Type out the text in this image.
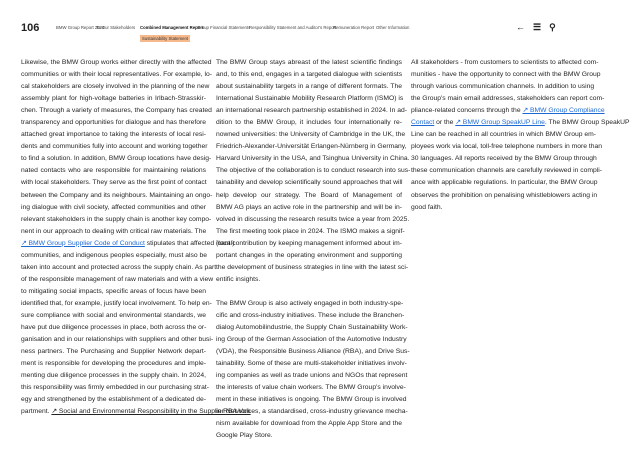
106	BMW Group Report 2024
To Our Stakeholders Combined Management Report
Group Financial Statements
Responsibility Statement and Auditor's Report
Remuneration Report Other Information
Sustainability Statement
← ☰ ⚲
Likewise, the BMW Group works either directly with the affected
communities or with their local representatives. For example, lo-
cal stakeholders are closely involved in the planning of the new
assembly plant for high-voltage batteries in Irlbach-Strasskir-
chen. Through a variety of measures, the Company has created
transparency and opportunities for dialogue and has therefore
attached great importance to taking the interests of local resi-
dents and communities fully into account and working together
to find a solution. In addition, BMW Group locations have desig-
nated contacts who are responsible for maintaining relations
with local stakeholders. They serve as the first point of contact
between the Company and its neighbours. Maintaining an ongo-
ing dialogue with civil society, affected communities and other
relevant stakeholders in the supply chain is another key compo-
nent in our approach to dealing with critical raw materials. The
↗ BMW Group Supplier Code of Conduct stipulates that affected (local)
communities, and indigenous peoples especially, must also be
taken into account and protected across the supply chain. As part
of the responsible management of raw materials and with a view
to mitigating social impacts, specific areas of focus have been
identified that, for example, justify local involvement. To help en-
sure compliance with social and environmental standards, we
have put due diligence processes in place, both across the or-
ganisation and in our relationships with suppliers and other busi-
ness partners. The Purchasing and Supplier Network depart-
ment is responsible for developing the procedures and imple-
menting due diligence processes in the supply chain. In 2024,
this responsibility was firmly embedded in our purchasing strat-
egy and strengthened by the establishment of a dedicated de-
partment. ↗ Social and Environmental Responsibility in the Supplier Network
The BMW Group stays abreast of the latest scientific findings
and, to this end, engages in a targeted dialogue with scientists
about sustainability targets in a range of different formats. The
International Sustainable Mobility Research Platform (ISMO) is
an international research partnership established in 2024. In ad-
dition to the BMW Group, it includes four internationally re-
nowned universities: the University of Cambridge in the UK, the
Friedrich-Alexander-Universität Erlangen-Nürnberg in Germany,
Harvard University in the USA, and Tsinghua University in China.
The objective of the collaboration is to conduct research into sus-
tainability and develop scientifically sound approaches that will
help develop our strategy. The Board of Management of
BMW AG plays an active role in the partnership and will be in-
volved in discussing the research results twice a year from 2025.
The first meeting took place in 2024. The ISMO makes a signif-
icant contribution by keeping management informed about im-
portant changes in the operating environment and supporting
the development of business strategies in line with the latest sci-
entific insights.
The BMW Group is also actively engaged in both industry-spe-
cific and cross-industry initiatives. These include the Branchen-
dialog Automobilindustrie, the Supply Chain Sustainability Work-
ing Group of the German Association of the Automotive Industry
(VDA), the Responsible Business Alliance (RBA), and Drive Sus-
tainability. Some of these are multi-stakeholder initiatives involv-
ing companies as well as trade unions and NGOs that represent
the interests of value chain workers. The BMW Group's involve-
ment in these initiatives is ongoing. The BMW Group is involved
in RBA Voices, a standardised, cross-industry grievance mecha-
nism available for download from the Apple App Store and the
Google Play Store.
All stakeholders - from customers to scientists to affected com-
munities - have the opportunity to connect with the BMW Group
through various communication channels. In addition to using
the Group's main email addresses, stakeholders can report com-
pliance-related concerns through the ↗ BMW Group Compliance
Contact or the ↗ BMW Group SpeakUP Line. The BMW Group SpeakUP
Line can be reached in all countries in which BMW Group em-
ployees work via local, toll-free telephone numbers in more than
30 languages. All reports received by the BMW Group through
these communication channels are carefully reviewed in compli-
ance with applicable regulations. In particular, the BMW Group
observes the prohibition on penalising whistleblowers acting in
good faith.
